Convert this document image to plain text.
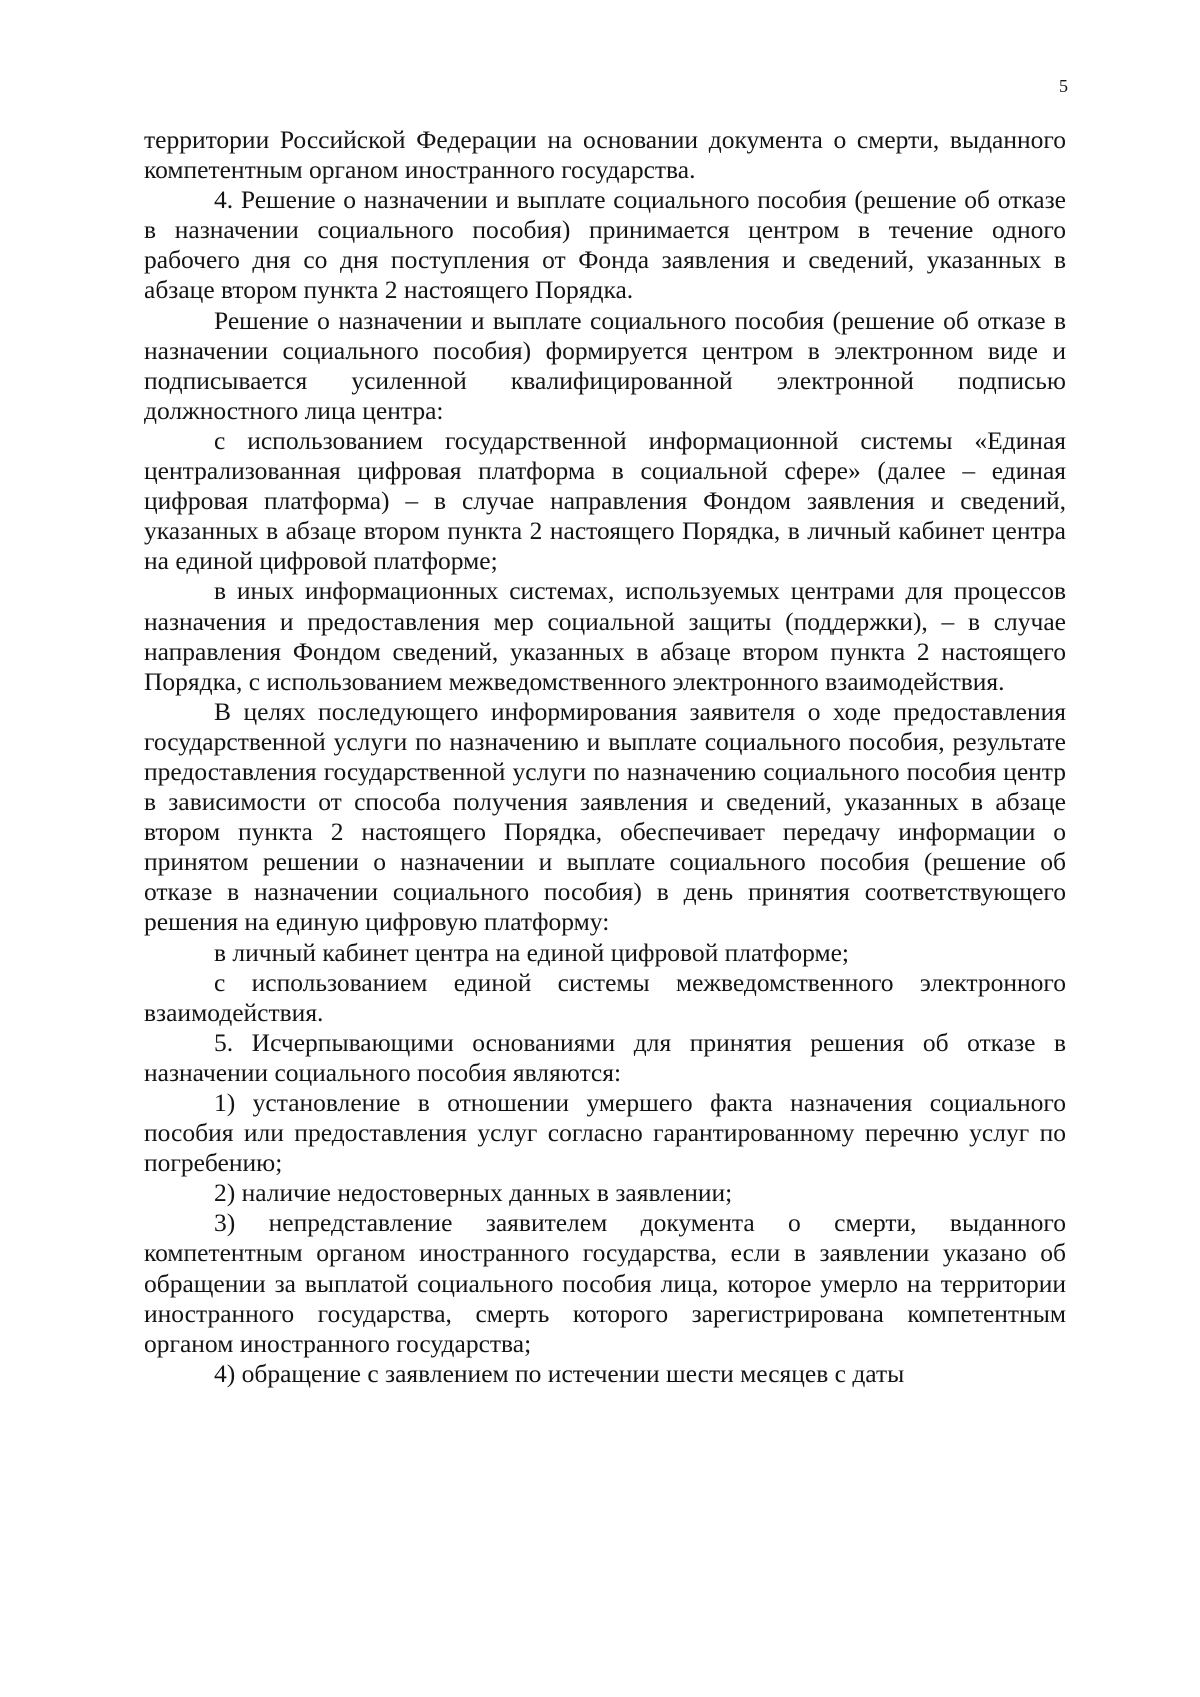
5

территории Российской Федерации на основании документа о смерти, выданного компетентным органом иностранного государства.

4. Решение о назначении и выплате социального пособия (решение об отказе в назначении социального пособия) принимается центром в течение одного рабочего дня со дня поступления от Фонда заявления и сведений, указанных в абзаце втором пункта 2 настоящего Порядка.

Решение о назначении и выплате социального пособия (решение об отказе в назначении социального пособия) формируется центром в электронном виде и подписывается усиленной квалифицированной электронной подписью должностного лица центра:

с использованием государственной информационной системы «Единая централизованная цифровая платформа в социальной сфере» (далее – единая цифровая платформа) – в случае направления Фондом заявления и сведений, указанных в абзаце втором пункта 2 настоящего Порядка, в личный кабинет центра на единой цифровой платформе;

в иных информационных системах, используемых центрами для процессов назначения и предоставления мер социальной защиты (поддержки), – в случае направления Фондом сведений, указанных в абзаце втором пункта 2 настоящего Порядка, с использованием межведомственного электронного взаимодействия.

В целях последующего информирования заявителя о ходе предоставления государственной услуги по назначению и выплате социального пособия, результате предоставления государственной услуги по назначению социального пособия центр в зависимости от способа получения заявления и сведений, указанных в абзаце втором пункта 2 настоящего Порядка, обеспечивает передачу информации о принятом решении о назначении и выплате социального пособия (решение об отказе в назначении социального пособия) в день принятия соответствующего решения на единую цифровую платформу:

в личный кабинет центра на единой цифровой платформе;

с использованием единой системы межведомственного электронного взаимодействия.

5. Исчерпывающими основаниями для принятия решения об отказе в назначении социального пособия являются:

1) установление в отношении умершего факта назначения социального пособия или предоставления услуг согласно гарантированному перечню услуг по погребению;

2) наличие недостоверных данных в заявлении;

3) непредставление заявителем документа о смерти, выданного компетентным органом иностранного государства, если в заявлении указано об обращении за выплатой социального пособия лица, которое умерло на территории иностранного государства, смерть которого зарегистрирована компетентным органом иностранного государства;

4) обращение с заявлением по истечении шести месяцев с даты
